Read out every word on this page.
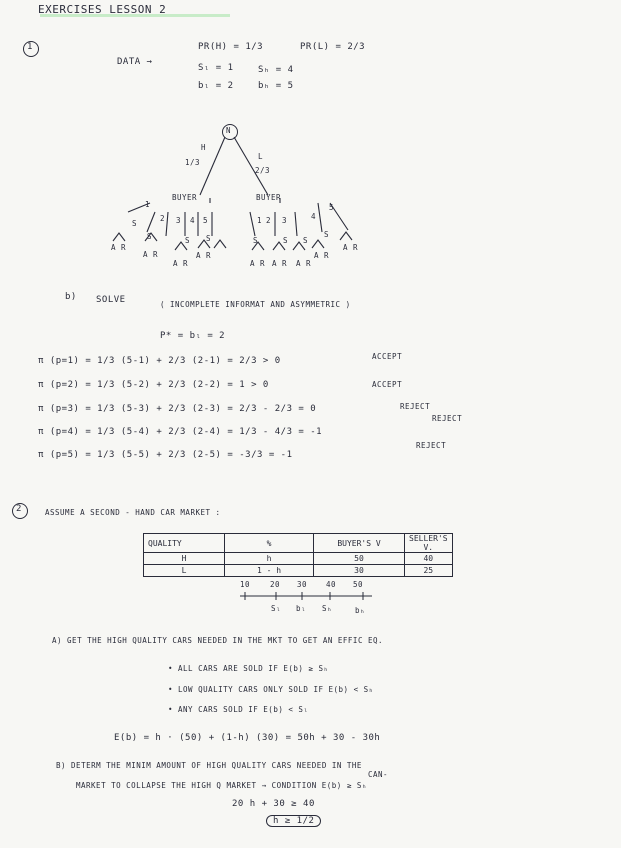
EXERCISES LESSON 2
1	PR(H) = 1/3	PR(L) = 2/3
DATA →
Sₗ = 1	Sₕ = 4
bₗ = 2	bₕ = 5
N
H
1/3
L
2/3
BUYER	BUYER
1
2 3 4 5	1 2 3	4
5
S
S	S S	S	S S
S
A R
A R
A R
A R
A R A R A R
A R
A R
b) SOLVE	( INCOMPLETE INFORMAT AND ASYMMETRIC )
P* = bₗ = 2
π (p=1) = 1/3 (5-1) + 2/3 (2-1) = 2/3 > 0	ACCEPT
π (p=2) = 1/3 (5-2) + 2/3 (2-2) = 1 > 0	ACCEPT
π (p=3) = 1/3 (5-3) + 2/3 (2-3) = 2/3 - 2/3 = 0	REJECT
π (p=4) = 1/3 (5-4) + 2/3 (2-4) = 1/3 - 4/3 = -1
REJECT
π (p=5) = 1/3 (5-5) + 2/3 (2-5) = -3/3 = -1
REJECT
2	ASSUME A SECOND - HAND CAR MARKET :
QUALITY	%	BUYER'S V	SELLER'S V.
H	h	50	40
L	1 - h	30	25
10	20 30	40 50
Sₗ bₗ Sₕ	bₕ
A) GET THE HIGH QUALITY CARS NEEDED IN THE MKT TO GET AN EFFIC EQ.
• ALL CARS ARE SOLD IF E(b) ≥ Sₕ
• LOW QUALITY CARS ONLY SOLD IF E(b) < Sₕ
• ANY CARS SOLD IF E(b) < Sₗ
E(b) = h · (50) + (1-h) (30) = 50h + 30 - 30h
B) DETERM THE MINIM AMOUNT OF HIGH QUALITY CARS NEEDED IN THE
CAN-
MARKET TO COLLAPSE THE HIGH Q MARKET → CONDITION E(b) ≥ Sₕ
20 h + 30 ≥ 40
h ≥ 1/2
